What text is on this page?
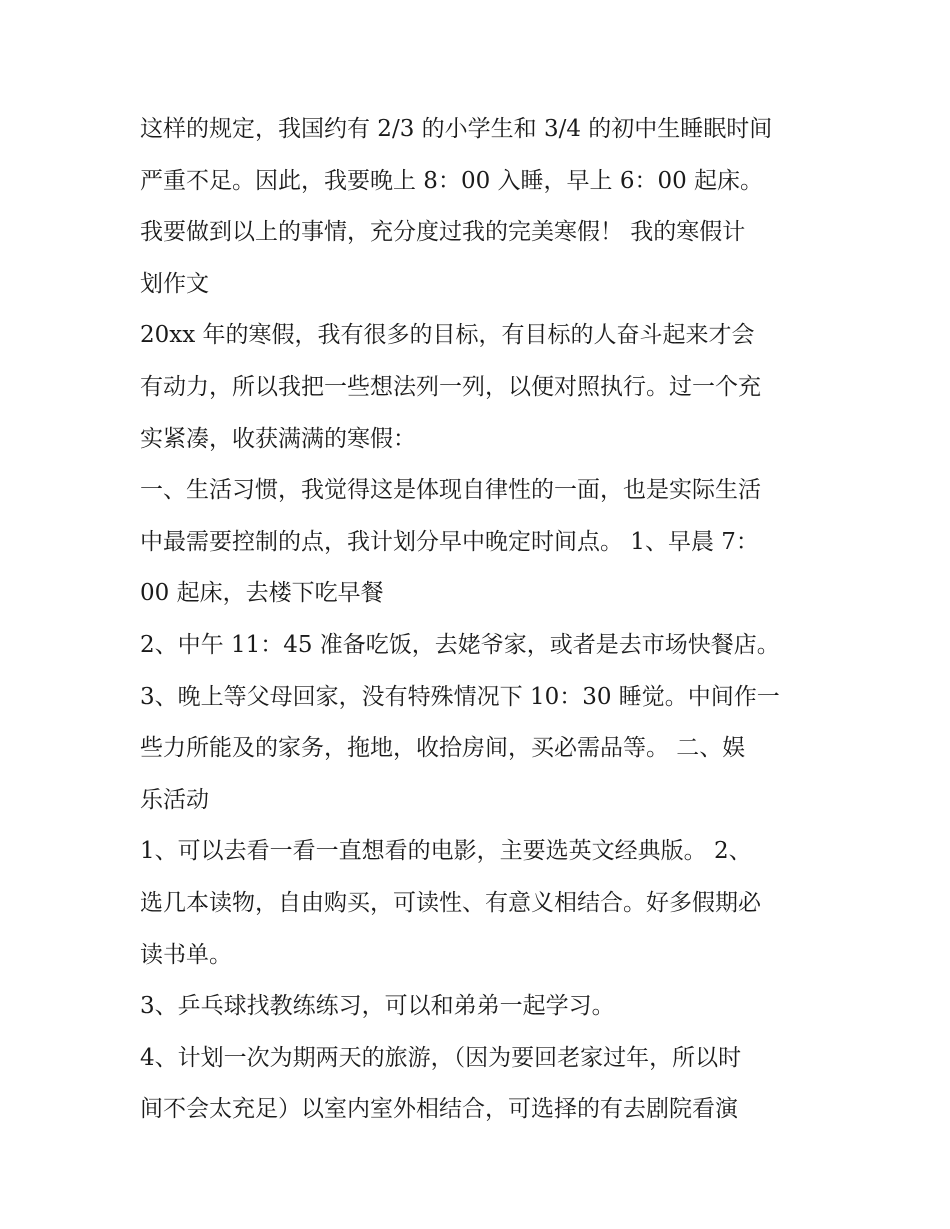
这样的规定，我国约有 2/3 的小学生和 3/4 的初中生睡眠时间
严重不足。因此，我要晚上 8：00 入睡，早上 6：00 起床。
我要做到以上的事情，充分度过我的完美寒假！ 我的寒假计
划作文
20xx 年的寒假，我有很多的目标，有目标的人奋斗起来才会
有动力，所以我把一些想法列一列，以便对照执行。过一个充
实紧凑，收获满满的寒假：
一、生活习惯，我觉得这是体现自律性的一面，也是实际生活
中最需要控制的点，我计划分早中晚定时间点。 1、早晨 7：
00 起床，去楼下吃早餐
2、中午 11：45 准备吃饭，去姥爷家，或者是去市场快餐店。
3、晚上等父母回家，没有特殊情况下 10：30 睡觉。中间作一
些力所能及的家务，拖地，收拾房间，买必需品等。 二、娱
乐活动
1、可以去看一看一直想看的电影，主要选英文经典版。 2、
选几本读物，自由购买，可读性、有意义相结合。好多假期必
读书单。
3、乒乓球找教练练习，可以和弟弟一起学习。
4、计划一次为期两天的旅游，（因为要回老家过年，所以时
间不会太充足）以室内室外相结合，可选择的有去剧院看演
